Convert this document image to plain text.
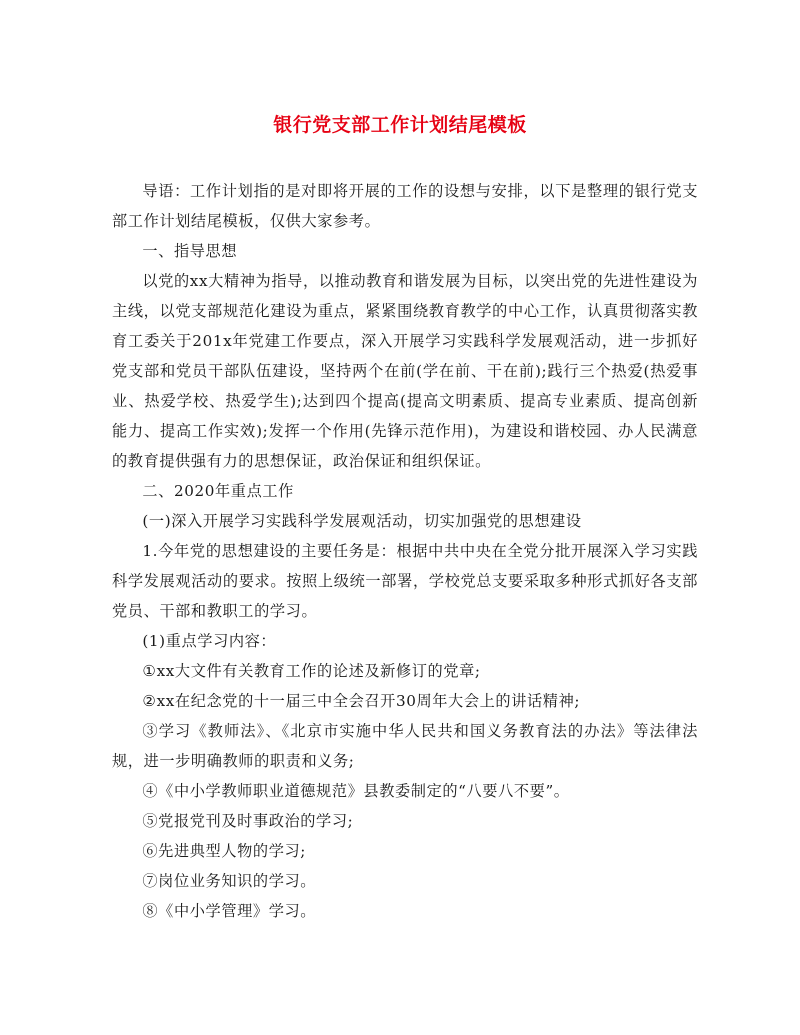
银行党支部工作计划结尾模板

导语：工作计划指的是对即将开展的工作的设想与安排，以下是整理的银行党支部工作计划结尾模板，仅供大家参考。

一、指导思想

以党的xx大精神为指导，以推动教育和谐发展为目标，以突出党的先进性建设为主线，以党支部规范化建设为重点，紧紧围绕教育教学的中心工作，认真贯彻落实教育工委关于201x年党建工作要点，深入开展学习实践科学发展观活动，进一步抓好党支部和党员干部队伍建设，坚持两个在前(学在前、干在前);践行三个热爱(热爱事业、热爱学校、热爱学生);达到四个提高(提高文明素质、提高专业素质、提高创新能力、提高工作实效);发挥一个作用(先锋示范作用)，为建设和谐校园、办人民满意的教育提供强有力的思想保证，政治保证和组织保证。

二、2020年重点工作

(一)深入开展学习实践科学发展观活动，切实加强党的思想建设

1.今年党的思想建设的主要任务是：根据中共中央在全党分批开展深入学习实践科学发展观活动的要求。按照上级统一部署，学校党总支要采取多种形式抓好各支部党员、干部和教职工的学习。

(1)重点学习内容：

①xx大文件有关教育工作的论述及新修订的党章;

②xx在纪念党的十一届三中全会召开30周年大会上的讲话精神;

③学习《教师法》、《北京市实施中华人民共和国义务教育法的办法》等法律法规，进一步明确教师的职责和义务;

④《中小学教师职业道德规范》县教委制定的“八要八不要”。

⑤党报党刊及时事政治的学习;

⑥先进典型人物的学习;

⑦岗位业务知识的学习。

⑧《中小学管理》学习。
